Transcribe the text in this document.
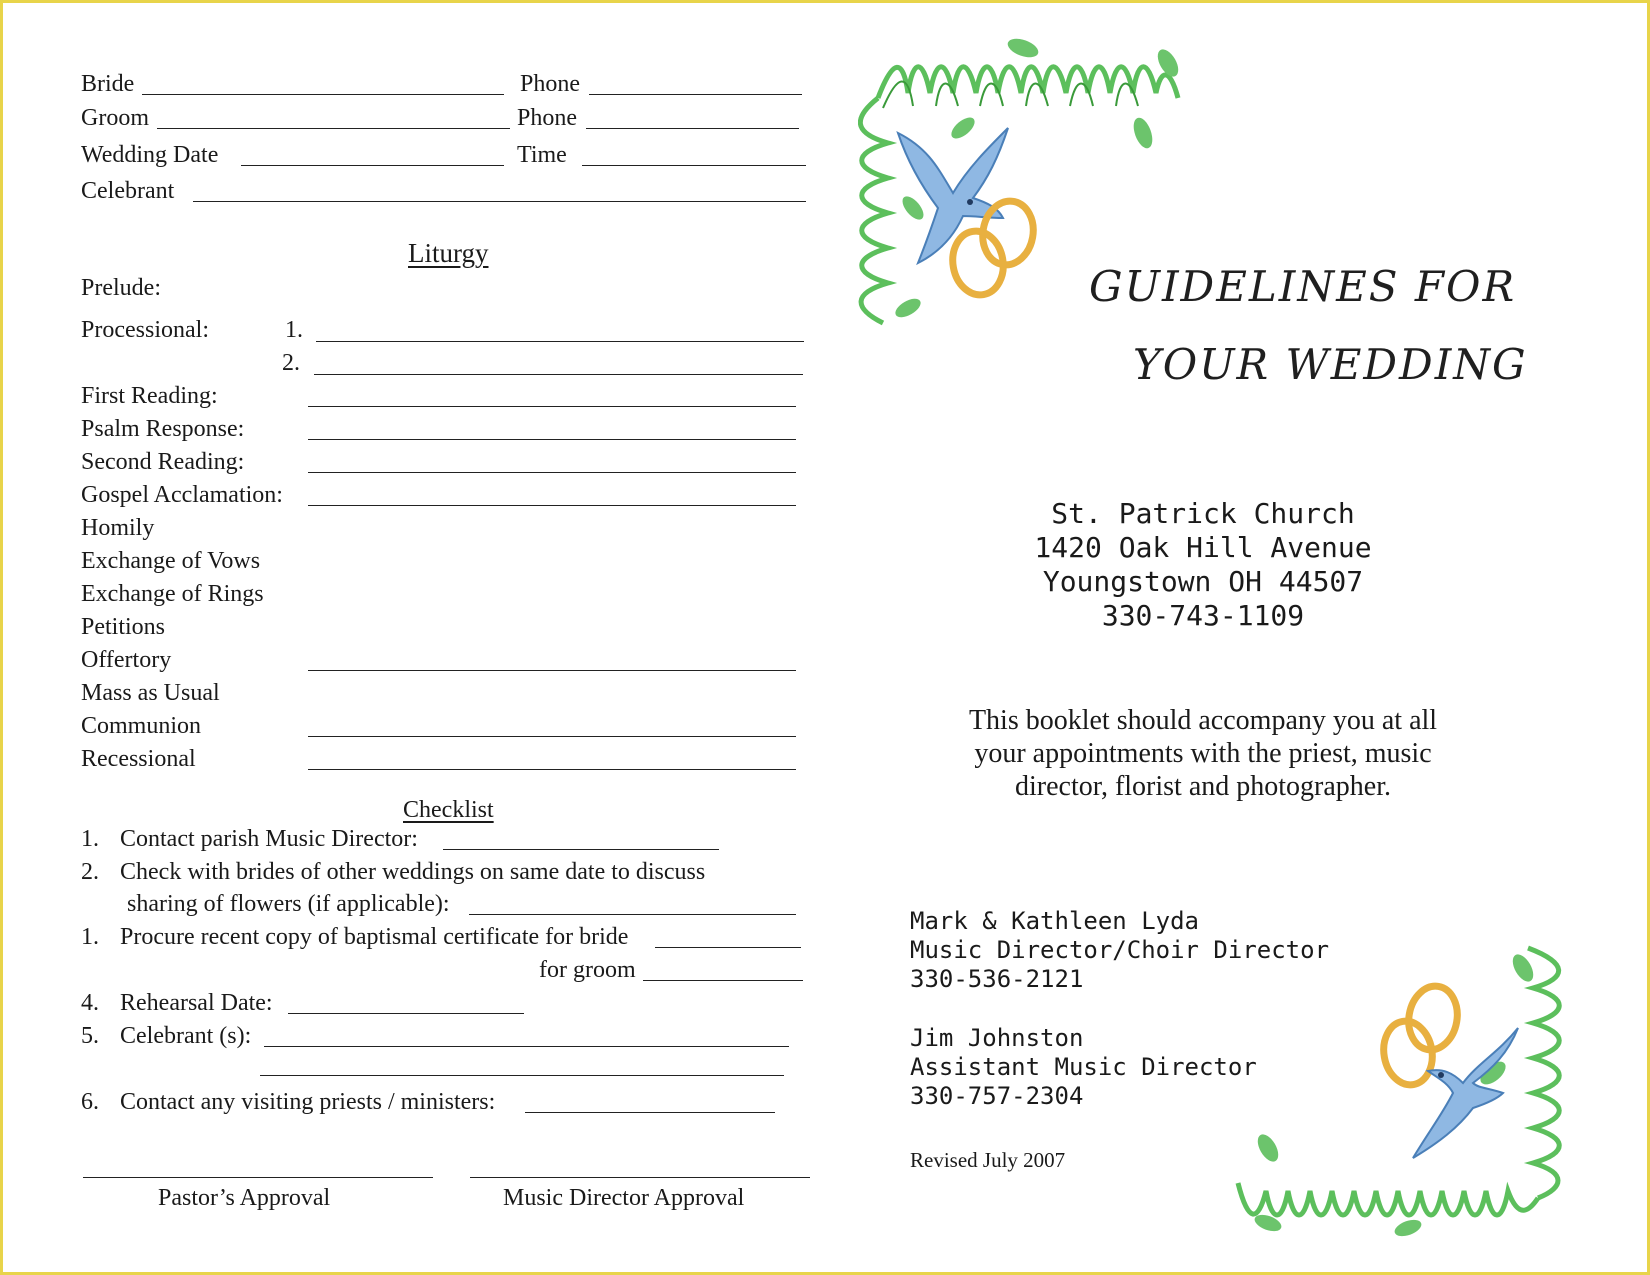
Bride	Phone
Groom	Phone
Wedding Date	Time
Celebrant
Liturgy
Prelude:
Processional:	1.
2.
First Reading:
Psalm Response:
Second Reading:
Gospel Acclamation:
Homily
Exchange of Vows
Exchange of Rings
Petitions
Offertory
Mass as Usual
Communion
Recessional
Checklist
1. Contact parish Music Director:
2. Check with brides of other weddings on same date to discuss
sharing of flowers (if applicable):
1. Procure recent copy of baptismal certificate for bride
for groom
4. Rehearsal Date:
5. Celebrant (s):
6. Contact any visiting priests / ministers:
Pastor’s Approval	Music Director Approval
GUIDELINES FOR
YOUR WEDDING
St. Patrick Church
1420 Oak Hill Avenue
Youngstown OH 44507
330-743-1109
This booklet should accompany you at all
your appointments with the priest, music
director, florist and photographer.
Mark & Kathleen Lyda
Music Director/Choir Director
330-536-2121
Jim Johnston
Assistant Music Director
330-757-2304
Revised July 2007
